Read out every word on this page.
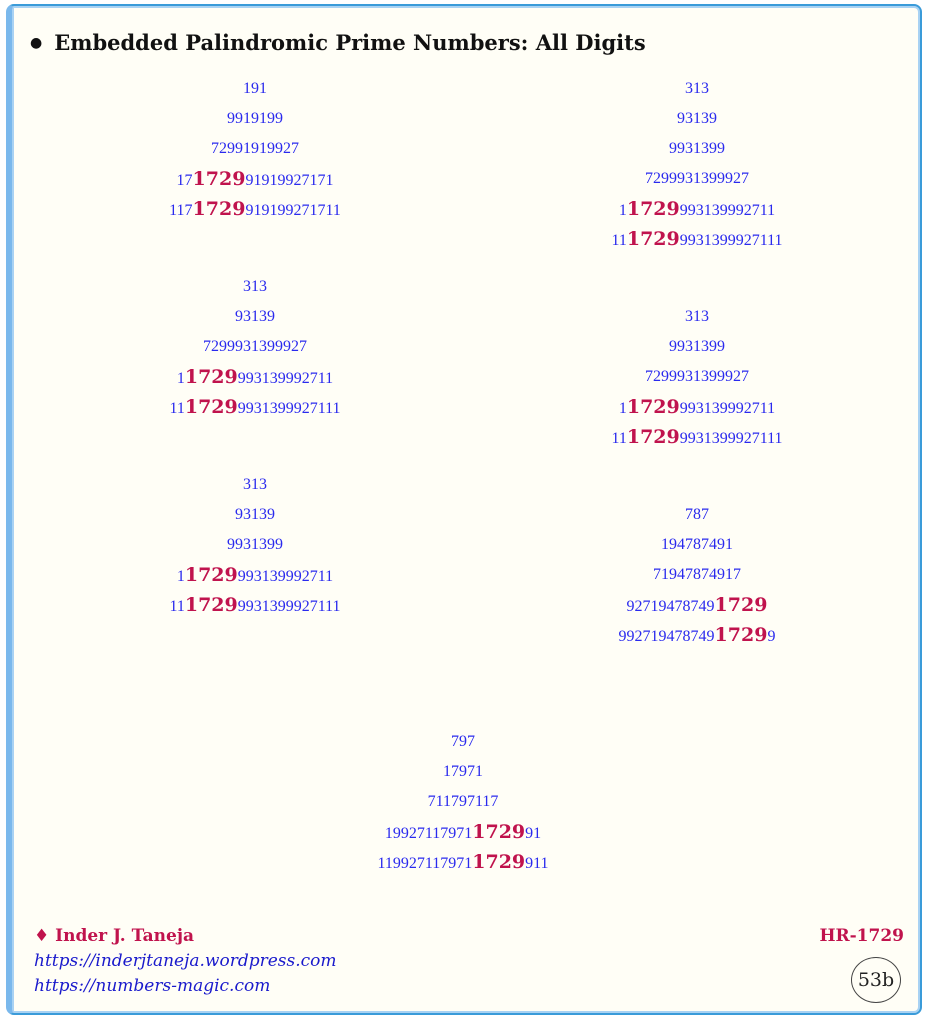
● Embedded Palindromic Prime Numbers: All Digits
191
9919199
72991919927
17172991919927171
1171729919199271711
313
93139
9931399
7299931399927
11729993139992711
1117299931399927111
313
93139
7299931399927
11729993139992711
1117299931399927111
313
9931399
7299931399927
11729993139992711
1117299931399927111
313
93139
9931399
11729993139992711
1117299931399927111
787
194787491
71947874917
927194787491729
99271947874917299
797
17971
711797117
19927117971172991
1199271179711729911
♦ Inder J. Taneja
https://inderjtaneja.wordpress.com
https://numbers-magic.com
HR-1729
53b
